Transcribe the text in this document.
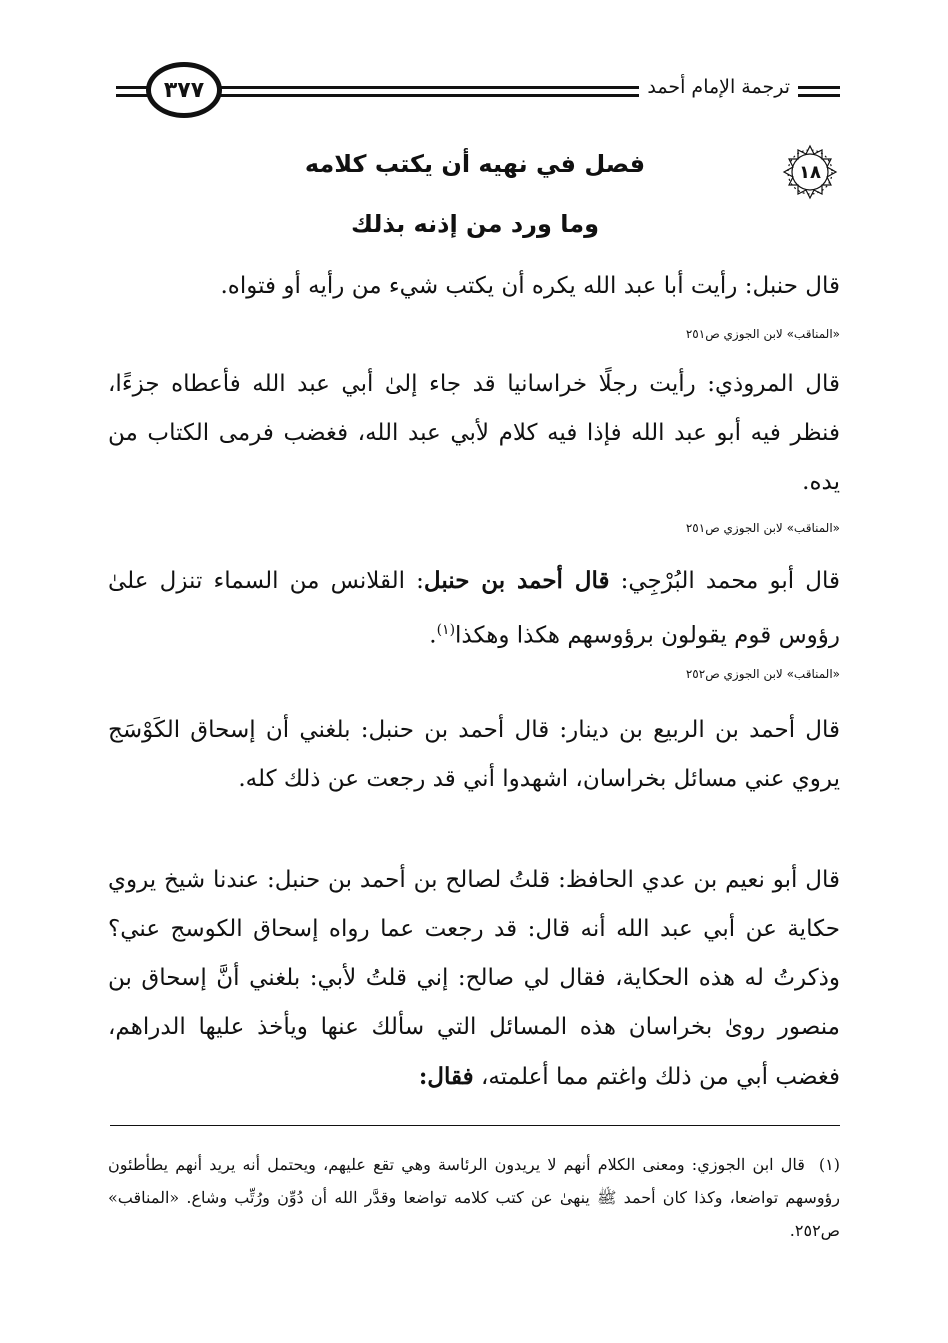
٣٧٧	ترجمة الإمام أحمد
١٨
فصل في نهيه أن يكتب كلامه
وما ورد من إذنه بذلك
قال حنبل: رأيت أبا عبد الله يكره أن يكتب شيء من رأيه أو فتواه.
«المناقب» لابن الجوزي ص٢٥١
قال المروذي: رأيت رجلًا خراسانيا قد جاء إلىٰ أبي عبد الله فأعطاه جزءًا، فنظر فيه أبو عبد الله فإذا فيه كلام لأبي عبد الله، فغضب فرمى الكتاب من يده.
«المناقب» لابن الجوزي ص٢٥١
قال أبو محمد البُرْجِي: قال أحمد بن حنبل: القلانس من السماء تنزل علىٰ رؤوس قوم يقولون برؤوسهم هكذا وهكذا$^{(١)}$.
«المناقب» لابن الجوزي ص٢٥٢
قال أحمد بن الربيع بن دينار: قال أحمد بن حنبل: بلغني أن إسحاق الكَوْسَج يروي عني مسائل بخراسان، اشهدوا أني قد رجعت عن ذلك كله.
قال أبو نعيم بن عدي الحافظ: قلتُ لصالح بن أحمد بن حنبل: عندنا شيخ يروي حكاية عن أبي عبد الله أنه قال: قد رجعت عما رواه إسحاق الكوسج عني؟ وذكرتُ له هذه الحكاية، فقال لي صالح: إني قلتُ لأبي: بلغني أنَّ إسحاق بن منصور روىٰ بخراسان هذه المسائل التي سألك عنها ويأخذ عليها الدراهم، فغضب أبي من ذلك واغتم مما أعلمته، فقال:
(١)قال ابن الجوزي: ومعنى الكلام أنهم لا يريدون الرئاسة وهي تقع عليهم، ويحتمل أنه يريد أنهم يطأطئون رؤوسهم تواضعا، وكذا كان أحمد ﷺ ينهىٰ عن كتب كلامه تواضعا وقدَّر الله أن دُوِّن ورُتِّب وشاع. «المناقب» ص٢٥٢.
